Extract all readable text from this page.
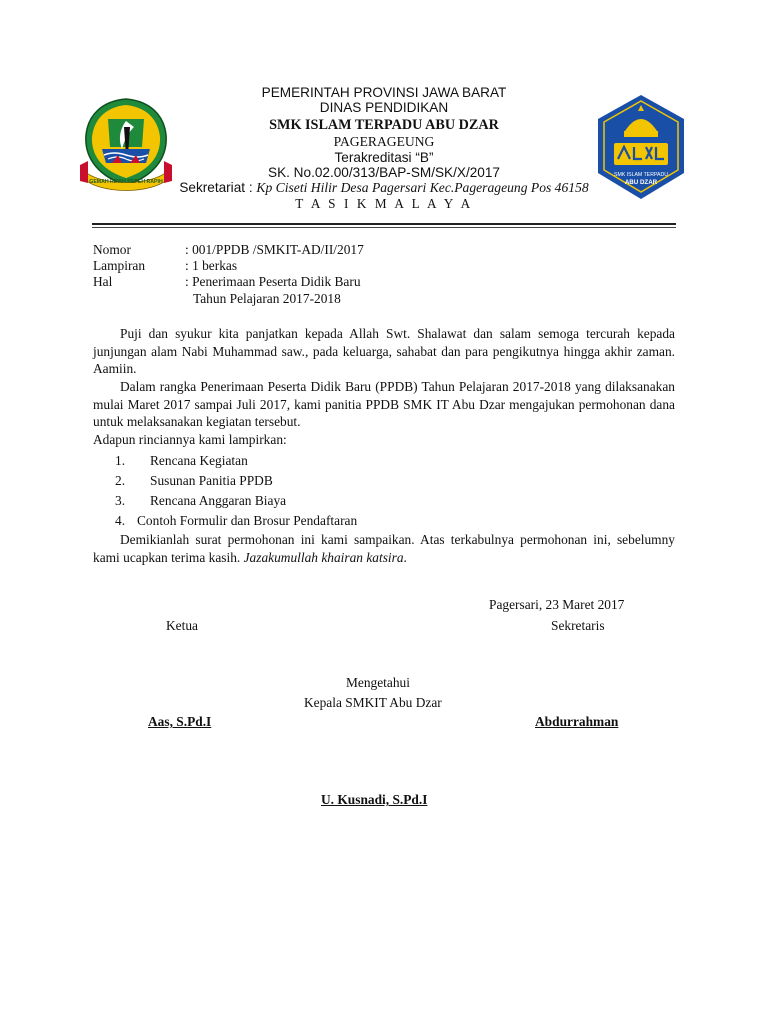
GEMAH RIPAH REPEH RAPIH
SMK ISLAM TERPADU
ABU DZAR
PEMERINTAH PROVINSI JAWA BARAT
DINAS PENDIDIKAN
SMK ISLAM TERPADU ABU DZAR
PAGERAGEUNG
Terakreditasi “B”
SK. No.02.00/313/BAP-SM/SK/X/2017
Sekretariat : Kp Ciseti Hilir Desa Pagersari Kec.Pagerageung Pos 46158
T A S I K M A L A Y A
Nomor	: 001/PPDB /SMKIT-AD/II/2017
Lampiran	: 1 berkas
Hal	: Penerimaan Peserta Didik Baru
Tahun Pelajaran 2017-2018

Puji dan syukur kita panjatkan kepada Allah Swt. Shalawat dan salam semoga tercurah kepada junjungan alam Nabi Muhammad saw., pada keluarga, sahabat dan para pengikutnya hingga akhir zaman. Aamiin.

Dalam rangka Penerimaan Peserta Didik Baru (PPDB) Tahun Pelajaran 2017-2018 yang dilaksanakan mulai Maret 2017 sampai Juli 2017, kami panitia PPDB SMK IT Abu Dzar mengajukan permohonan dana untuk melaksanakan kegiatan tersebut.

Adapun rinciannya kami lampirkan:

1. Rencana Kegiatan
2. Susunan Panitia PPDB
3. Rencana Anggaran Biaya
4. Contoh Formulir dan Brosur Pendaftaran

Demikianlah surat permohonan ini kami sampaikan. Atas terkabulnya permohonan ini, sebelumny kami ucapkan terima kasih. Jazakumullah khairan katsira.

Pagersari, 23 Maret 2017
Ketua	Sekretaris
Mengetahui
Kepala SMKIT Abu Dzar
Aas, S.Pd.I	Abdurrahman
U. Kusnadi, S.Pd.I
